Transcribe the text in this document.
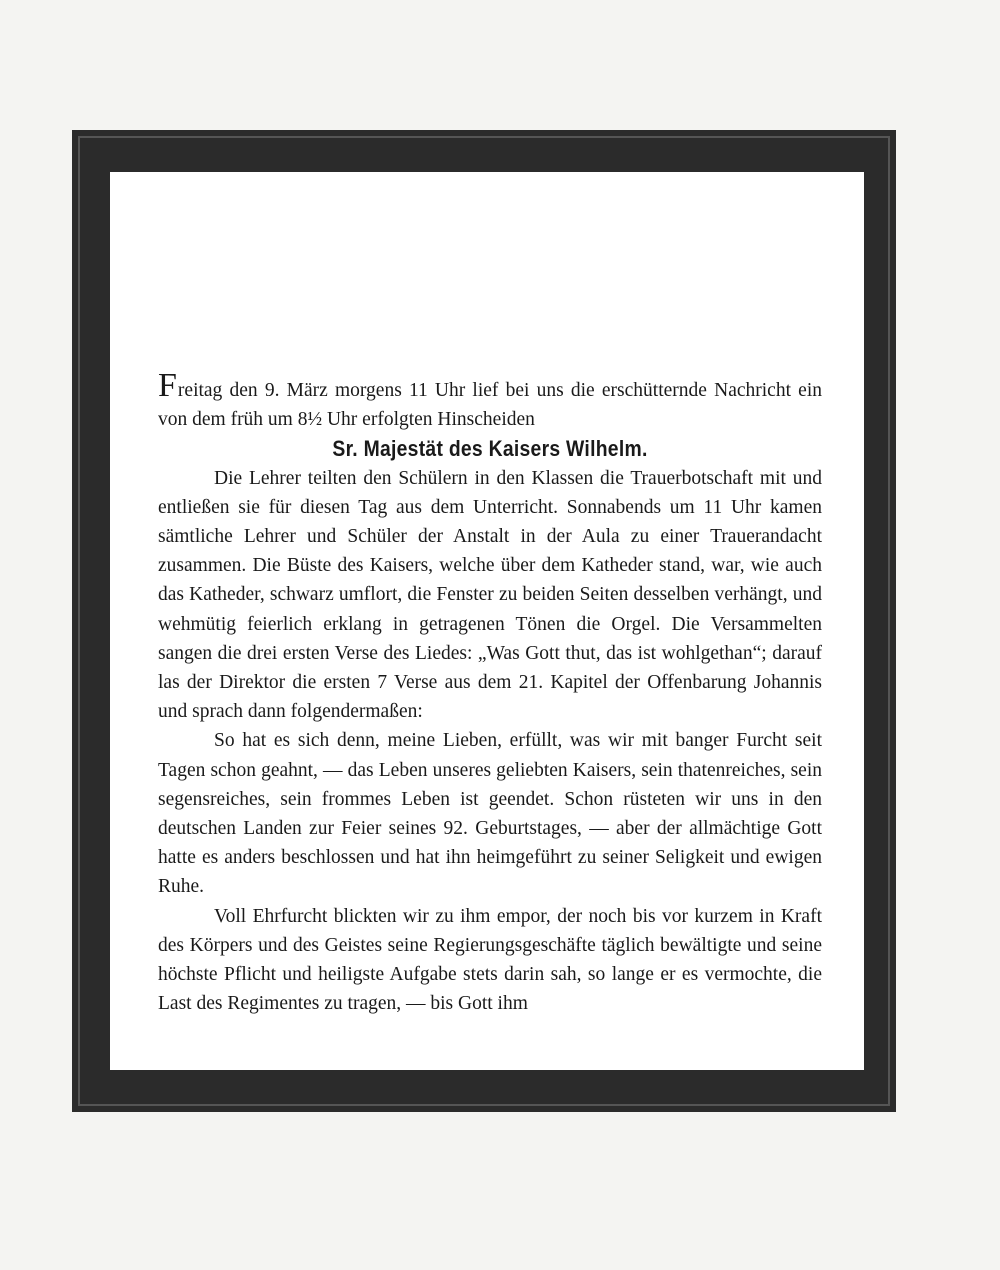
Freitag den 9. März morgens 11 Uhr lief bei uns die erschütternde Nachricht ein von dem früh um 8½ Uhr erfolgten Hinscheiden

Sr. Majestät des Kaisers Wilhelm.

Die Lehrer teilten den Schülern in den Klassen die Trauerbotschaft mit und entließen sie für diesen Tag aus dem Unterricht. Sonnabends um 11 Uhr kamen sämtliche Lehrer und Schüler der Anstalt in der Aula zu einer Trauerandacht zusammen. Die Büste des Kaisers, welche über dem Katheder stand, war, wie auch das Katheder, schwarz umflort, die Fenster zu beiden Seiten desselben verhängt, und wehmütig feierlich erklang in getragenen Tönen die Orgel. Die Versammelten sangen die drei ersten Verse des Liedes: „Was Gott thut, das ist wohlgethan“; darauf las der Direktor die ersten 7 Verse aus dem 21. Kapitel der Offenbarung Johannis und sprach dann folgendermaßen:

So hat es sich denn, meine Lieben, erfüllt, was wir mit banger Furcht seit Tagen schon geahnt, — das Leben unseres geliebten Kaisers, sein thatenreiches, sein segensreiches, sein frommes Leben ist geendet. Schon rüsteten wir uns in den deutschen Landen zur Feier seines 92. Geburtstages, — aber der allmächtige Gott hatte es anders beschlossen und hat ihn heimgeführt zu seiner Seligkeit und ewigen Ruhe.

Voll Ehrfurcht blickten wir zu ihm empor, der noch bis vor kurzem in Kraft des Körpers und des Geistes seine Regierungsgeschäfte täglich bewältigte und seine höchste Pflicht und heiligste Aufgabe stets darin sah, so lange er es vermochte, die Last des Regimentes zu tragen, — bis Gott ihm
